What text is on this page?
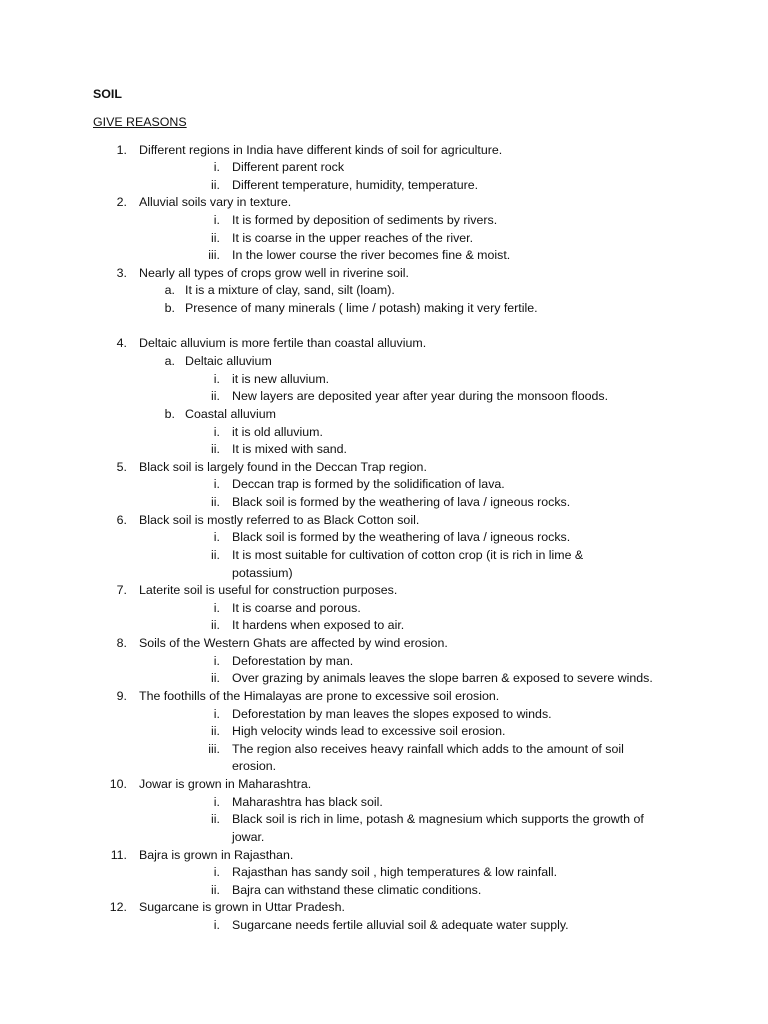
SOIL
GIVE REASONS
1. Different regions in India have different kinds of soil for agriculture.
i. Different parent rock
ii. Different temperature, humidity, temperature.
2. Alluvial soils vary in texture.
i. It is formed by deposition of sediments by rivers.
ii. It is coarse in the upper reaches of the river.
iii. In the lower course the river becomes fine & moist.
3. Nearly all types of crops grow well in riverine soil.
a. It is a mixture of clay, sand, silt (loam).
b. Presence of many minerals ( lime / potash) making it very fertile.
4. Deltaic alluvium is more fertile than coastal alluvium.
a. Deltaic alluvium
i. it is new alluvium.
ii. New layers are deposited year after year during the monsoon floods.
b. Coastal alluvium
i. it is old alluvium.
ii. It is mixed with sand.
5. Black soil is largely found in the Deccan Trap region.
i. Deccan trap is formed by the solidification of lava.
ii. Black soil is formed by the weathering of lava / igneous rocks.
6. Black soil is mostly referred to as Black Cotton soil.
i. Black soil is formed by the weathering of lava / igneous rocks.
ii. It is most suitable for cultivation of cotton crop (it is rich in lime &
potassium)
7. Laterite soil is useful for construction purposes.
i. It is coarse and porous.
ii. It hardens when exposed to air.
8. Soils of the Western Ghats are affected by wind erosion.
i. Deforestation by man.
ii. Over grazing by animals leaves the slope barren & exposed to severe winds.
9. The foothills of the Himalayas are prone to excessive soil erosion.
i. Deforestation by man leaves the slopes exposed to winds.
ii. High velocity winds lead to excessive soil erosion.
iii. The region also receives heavy rainfall which adds to the amount of soil
erosion.
10. Jowar is grown in Maharashtra.
i. Maharashtra has black soil.
ii. Black soil is rich in lime, potash & magnesium which supports the growth of
jowar.
11. Bajra is grown in Rajasthan.
i. Rajasthan has sandy soil , high temperatures & low rainfall.
ii. Bajra can withstand these climatic conditions.
12. Sugarcane is grown in Uttar Pradesh.
i. Sugarcane needs fertile alluvial soil & adequate water supply.
